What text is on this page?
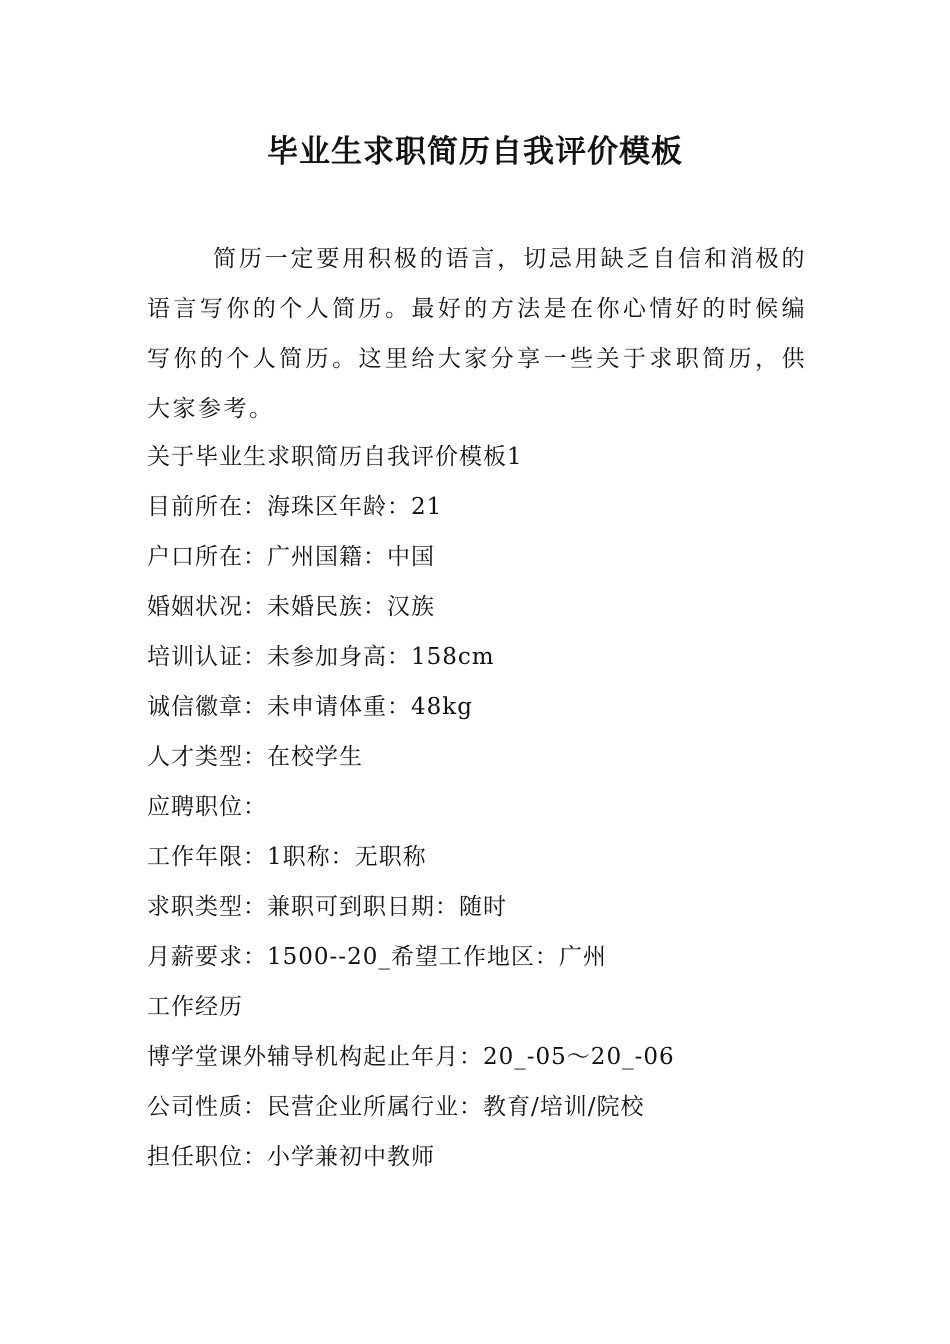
毕业生求职简历自我评价模板

简历一定要用积极的语言，切忌用缺乏自信和消极的语言写你的个人简历。最好的方法是在你心情好的时候编写你的个人简历。这里给大家分享一些关于求职简历，供大家参考。

关于毕业生求职简历自我评价模板1
目前所在：海珠区年龄：21
户口所在：广州国籍：中国
婚姻状况：未婚民族：汉族
培训认证：未参加身高：158cm
诚信徽章：未申请体重：48kg
人才类型：在校学生
应聘职位：
工作年限：1职称：无职称
求职类型：兼职可到职日期：随时
月薪要求：1500--20_希望工作地区：广州
工作经历
博学堂课外辅导机构起止年月：20_-05～20_-06
公司性质：民营企业所属行业：教育/培训/院校
担任职位：小学兼初中教师
